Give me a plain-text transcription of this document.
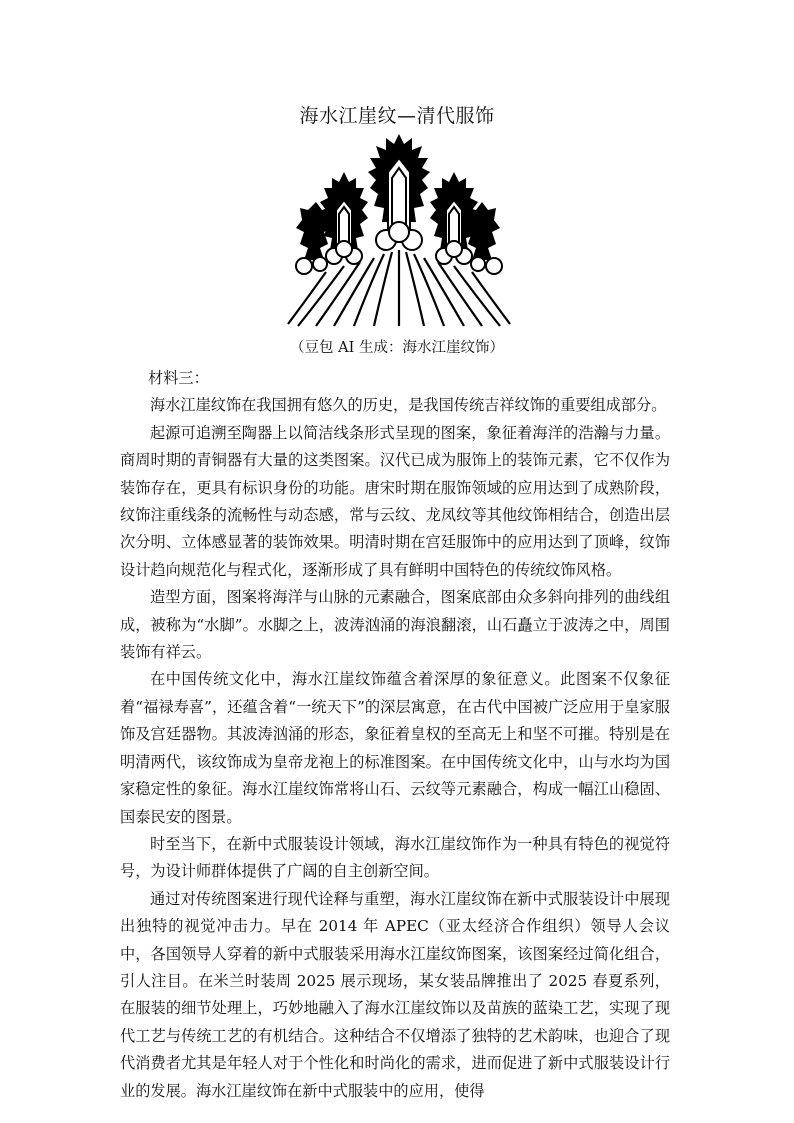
海水江崖纹—清代服饰
（豆包 AI 生成：海水江崖纹饰）

材料三：

海水江崖纹饰在我国拥有悠久的历史，是我国传统吉祥纹饰的重要组成部分。

起源可追溯至陶器上以简洁线条形式呈现的图案，象征着海洋的浩瀚与力量。商周时期的青铜器有大量的这类图案。汉代已成为服饰上的装饰元素，它不仅作为装饰存在，更具有标识身份的功能。唐宋时期在服饰领域的应用达到了成熟阶段，纹饰注重线条的流畅性与动态感，常与云纹、龙凤纹等其他纹饰相结合，创造出层次分明、立体感显著的装饰效果。明清时期在宫廷服饰中的应用达到了顶峰，纹饰设计趋向规范化与程式化，逐渐形成了具有鲜明中国特色的传统纹饰风格。

造型方面，图案将海洋与山脉的元素融合，图案底部由众多斜向排列的曲线组成，被称为“水脚”。水脚之上，波涛汹涌的海浪翻滚，山石矗立于波涛之中，周围装饰有祥云。

在中国传统文化中，海水江崖纹饰蕴含着深厚的象征意义。此图案不仅象征着“福禄寿喜”，还蕴含着“一统天下”的深层寓意，在古代中国被广泛应用于皇家服饰及宫廷器物。其波涛汹涌的形态，象征着皇权的至高无上和坚不可摧。特别是在明清两代，该纹饰成为皇帝龙袍上的标准图案。在中国传统文化中，山与水均为国家稳定性的象征。海水江崖纹饰常将山石、云纹等元素融合，构成一幅江山稳固、国泰民安的图景。

时至当下，在新中式服装设计领域，海水江崖纹饰作为一种具有特色的视觉符号，为设计师群体提供了广阔的自主创新空间。

通过对传统图案进行现代诠释与重塑，海水江崖纹饰在新中式服装设计中展现出独特的视觉冲击力。早在 2014 年 APEC（亚太经济合作组织）领导人会议中，各国领导人穿着的新中式服装采用海水江崖纹饰图案，该图案经过简化组合，引人注目。在米兰时装周 2025 展示现场，某女装品牌推出了 2025 春夏系列，在服装的细节处理上，巧妙地融入了海水江崖纹饰以及苗族的蓝染工艺，实现了现代工艺与传统工艺的有机结合。这种结合不仅增添了独特的艺术韵味，也迎合了现代消费者尤其是年轻人对于个性化和时尚化的需求，进而促进了新中式服装设计行业的发展。海水江崖纹饰在新中式服装中的应用，使得
